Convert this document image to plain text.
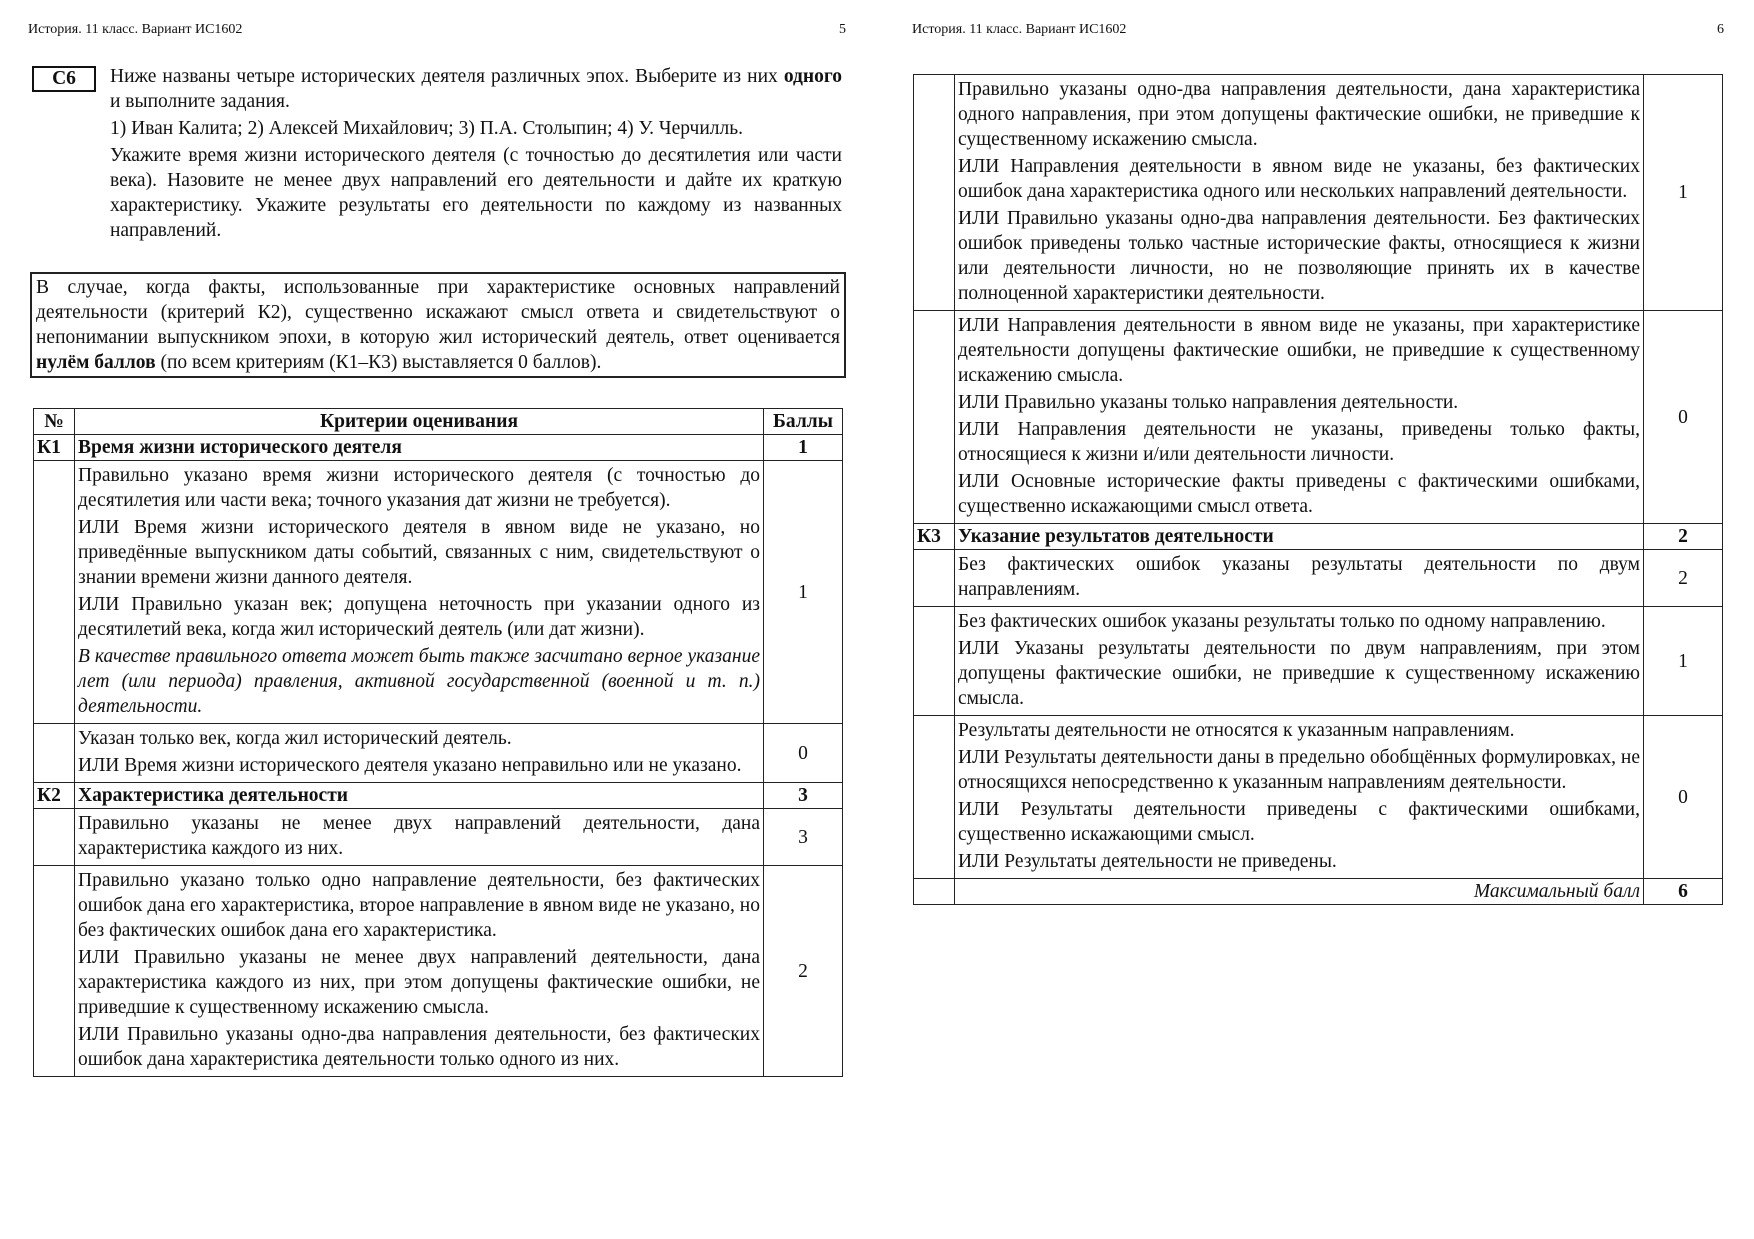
История. 11 класс. Вариант ИС1602	5
С6	Ниже названы четыре исторических деятеля различных эпох. Выберите из них одного и выполните задания.

1) Иван Калита; 2) Алексей Михайлович; 3) П.А. Столыпин; 4) У. Черчилль.

Укажите время жизни исторического деятеля (с точностью до десятилетия или части века). Назовите не менее двух направлений его деятельности и дайте их краткую характеристику. Укажите результаты его деятельности по каждому из названных направлений.

В случае, когда факты, использованные при характеристике основных направлений деятельности (критерий К2), существенно искажают смысл ответа и свидетельствуют о непонимании выпускником эпохи, в которую жил исторический деятель, ответ оценивается нулём баллов (по всем критериям (К1–К3) выставляется 0 баллов).
№	Критерии оценивания	Баллы
К1	Время жизни исторического деятеля	1

	Правильно указано время жизни исторического деятеля (с точностью до десятилетия или части века; точного указания дат жизни не требуется).

ИЛИ Время жизни исторического деятеля в явном виде не указано, но приведённые выпускником даты событий, связанных с ним, свидетельствуют о знании времени жизни данного деятеля.

ИЛИ Правильно указан век; допущена неточность при указании одного из десятилетий века, когда жил исторический деятель (или дат жизни).

В качестве правильного ответа может быть также засчитано верное указание лет (или периода) правления, активной государственной (военной и т. п.) деятельности.	1

	Указан только век, когда жил исторический деятель.

ИЛИ Время жизни исторического деятеля указано неправильно или не указано.	0
К2	Характеристика деятельности	3

	Правильно указаны не менее двух направлений деятельности, дана характеристика каждого из них.	3

	Правильно указано только одно направление деятельности, без фактических ошибок дана его характеристика, второе направление в явном виде не указано, но без фактических ошибок дана его характеристика.

ИЛИ Правильно указаны не менее двух направлений деятельности, дана характеристика каждого из них, при этом допущены фактические ошибки, не приведшие к существенному искажению смысла.

ИЛИ Правильно указаны одно-два направления деятельности, без фактических ошибок дана характеристика деятельности только одного из них.	2
История. 11 класс. Вариант ИС1602	6

	Правильно указаны одно-два направления деятельности, дана характеристика одного направления, при этом допущены фактические ошибки, не приведшие к существенному искажению смысла.

ИЛИ Направления деятельности в явном виде не указаны, без фактических ошибок дана характеристика одного или нескольких направлений деятельности.

ИЛИ Правильно указаны одно-два направления деятельности. Без фактических ошибок приведены только частные исторические факты, относящиеся к жизни или деятельности личности, но не позволяющие принять их в качестве полноценной характеристики деятельности.	1

	ИЛИ Направления деятельности в явном виде не указаны, при характеристике деятельности допущены фактические ошибки, не приведшие к существенному искажению смысла.

ИЛИ Правильно указаны только направления деятельности.

ИЛИ Направления деятельности не указаны, приведены только факты, относящиеся к жизни и/или деятельности личности.

ИЛИ Основные исторические факты приведены с фактическими ошибками, существенно искажающими смысл ответа.	0
К3	Указание результатов деятельности	2

	Без фактических ошибок указаны результаты деятельности по двум направлениям.	2

	Без фактических ошибок указаны результаты только по одному направлению.

ИЛИ Указаны результаты деятельности по двум направлениям, при этом допущены фактические ошибки, не приведшие к существенному искажению смысла.	1

	Результаты деятельности не относятся к указанным направлениям.

ИЛИ Результаты деятельности даны в предельно обобщённых формулировках, не относящихся непосредственно к указанным направлениям деятельности.

ИЛИ Результаты деятельности приведены с фактическими ошибками, существенно искажающими смысл.

ИЛИ Результаты деятельности не приведены.	0
	Максимальный балл	6
